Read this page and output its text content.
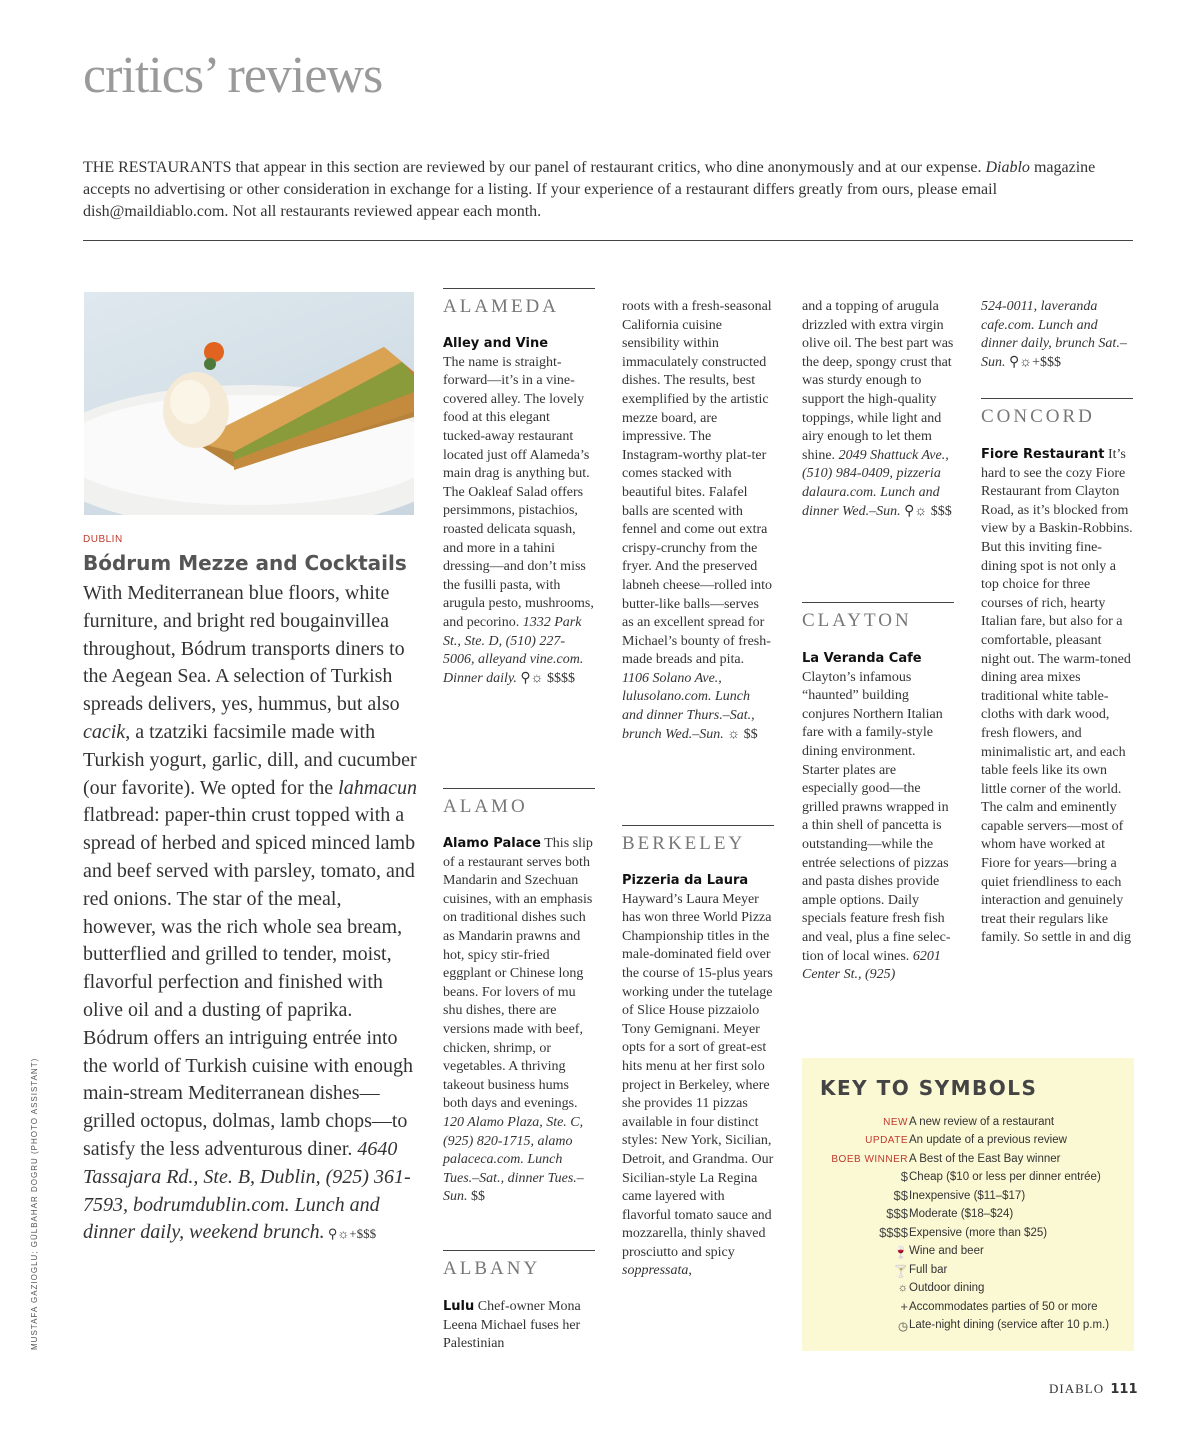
critics’ reviews
THE RESTAURANTS that appear in this section are reviewed by our panel of restaurant critics, who dine anonymously and at our expense. Diablo magazine accepts no advertising or other consideration in exchange for a listing. If your experience of a restaurant differs greatly from ours, please email dish@maildiablo.com. Not all restaurants reviewed appear each month.
MUSTAFA GAZIOGLU; GÜLBAHAR DOGRU (PHOTO ASSISTANT)
DUBLIN
Bódrum Mezze and Cocktails
With Mediterranean blue floors, white furniture, and bright red bougainvillea throughout, Bódrum transports diners to the Aegean Sea. A selection of Turkish spreads delivers, yes, hummus, but also cacik, a tzatziki facsimile made with Turkish yogurt, garlic, dill, and cucumber (our favorite). We opted for the lahmacun flatbread: paper-thin crust topped with a spread of herbed and spiced minced lamb and beef served with parsley, tomato, and red onions. The star of the meal, however, was the rich whole sea bream, butterflied and grilled to tender, moist, flavorful perfection and finished with olive oil and a dusting of paprika. Bódrum offers an intriguing entrée into the world of Turkish cuisine with enough main-stream Mediterranean dishes—grilled octopus, dolmas, lamb chops—to satisfy the less adventurous diner. 4640 Tassajara Rd., Ste. B, Dublin, (925) 361-7593, bodrumdublin.com. Lunch and dinner daily, weekend brunch. ⚲☼+$$$
ALAMEDA
Alley and Vine
The name is straight-forward—it’s in a vine-covered alley. The lovely food at this elegant tucked-away restaurant located just off Alameda’s main drag is anything but. The Oakleaf Salad offers persimmons, pistachios, roasted delicata squash, and more in a tahini dressing—and don’t miss the fusilli pasta, with arugula pesto, mushrooms, and pecorino. 1332 Park St., Ste. D, (510) 227-5006, alleyand vine.com. Dinner daily. ⚲☼ $$$$
ALAMO
Alamo Palace This slip of a restaurant serves both Mandarin and Szechuan cuisines, with an emphasis on traditional dishes such as Mandarin prawns and hot, spicy stir-fried eggplant or Chinese long beans. For lovers of mu shu dishes, there are versions made with beef, chicken, shrimp, or vegetables. A thriving takeout business hums both days and evenings. 120 Alamo Plaza, Ste. C, (925) 820-1715, alamo palaceca.com. Lunch Tues.–Sat., dinner Tues.–Sun. $$
ALBANY
Lulu Chef-owner Mona Leena Michael fuses her Palestinian
roots with a fresh-seasonal California cuisine sensibility within immaculately constructed dishes. The results, best exemplified by the artistic mezze board, are impressive. The Instagram-worthy plat-ter comes stacked with beautiful bites. Falafel balls are scented with fennel and come out extra crispy-crunchy from the fryer. And the preserved labneh cheese—rolled into butter-like balls—serves as an excellent spread for Michael’s bounty of fresh-made breads and pita. 1106 Solano Ave., lulusolano.com. Lunch and dinner Thurs.–Sat., brunch Wed.–Sun. ☼ $$
BERKELEY
Pizzeria da Laura
Hayward’s Laura Meyer has won three World Pizza Championship titles in the male-dominated field over the course of 15-plus years working under the tutelage of Slice House pizzaiolo Tony Gemignani. Meyer opts for a sort of great-est hits menu at her first solo project in Berkeley, where she provides 11 pizzas available in four distinct styles: New York, Sicilian, Detroit, and Grandma. Our Sicilian-style La Regina came layered with flavorful tomato sauce and mozzarella, thinly shaved prosciutto and spicy soppressata,
and a topping of arugula drizzled with extra virgin olive oil. The best part was the deep, spongy crust that was sturdy enough to support the high-quality toppings, while light and airy enough to let them shine. 2049 Shattuck Ave., (510) 984-0409, pizzeria dalaura.com. Lunch and dinner Wed.–Sun. ⚲☼ $$$
CLAYTON
La Veranda Cafe
Clayton’s infamous “haunted” building conjures Northern Italian fare with a family-style dining environment. Starter plates are especially good—the grilled prawns wrapped in a thin shell of pancetta is outstanding—while the entrée selections of pizzas and pasta dishes provide ample options. Daily specials feature fresh fish and veal, plus a fine selec-tion of local wines. 6201 Center St., (925)
524-0011, laveranda cafe.com. Lunch and dinner daily, brunch Sat.–Sun. ⚲☼+$$$
CONCORD
Fiore Restaurant It’s hard to see the cozy Fiore Restaurant from Clayton Road, as it’s blocked from view by a Baskin-Robbins. But this inviting fine-dining spot is not only a top choice for three courses of rich, hearty Italian fare, but also for a comfortable, pleasant night out. The warm-toned dining area mixes traditional white table-cloths with dark wood, fresh flowers, and minimalistic art, and each table feels like its own little corner of the world. The calm and eminently capable servers—most of whom have worked at Fiore for years—bring a quiet friendliness to each interaction and genuinely treat their regulars like family. So settle in and dig
KEY TO SYMBOLS
NEW A new review of a restaurant
UPDATE An update of a previous review
BOEB WINNER A Best of the East Bay winner
$ Cheap ($10 or less per dinner entrée)
$$ Inexpensive ($11–$17)
$$$ Moderate ($18–$24)
$$$$ Expensive (more than $25)
🍷 Wine and beer
🍸 Full bar
☼ Outdoor dining
+ Accommodates parties of 50 or more
◷ Late-night dining (service after 10 p.m.)
DIABLO 111
